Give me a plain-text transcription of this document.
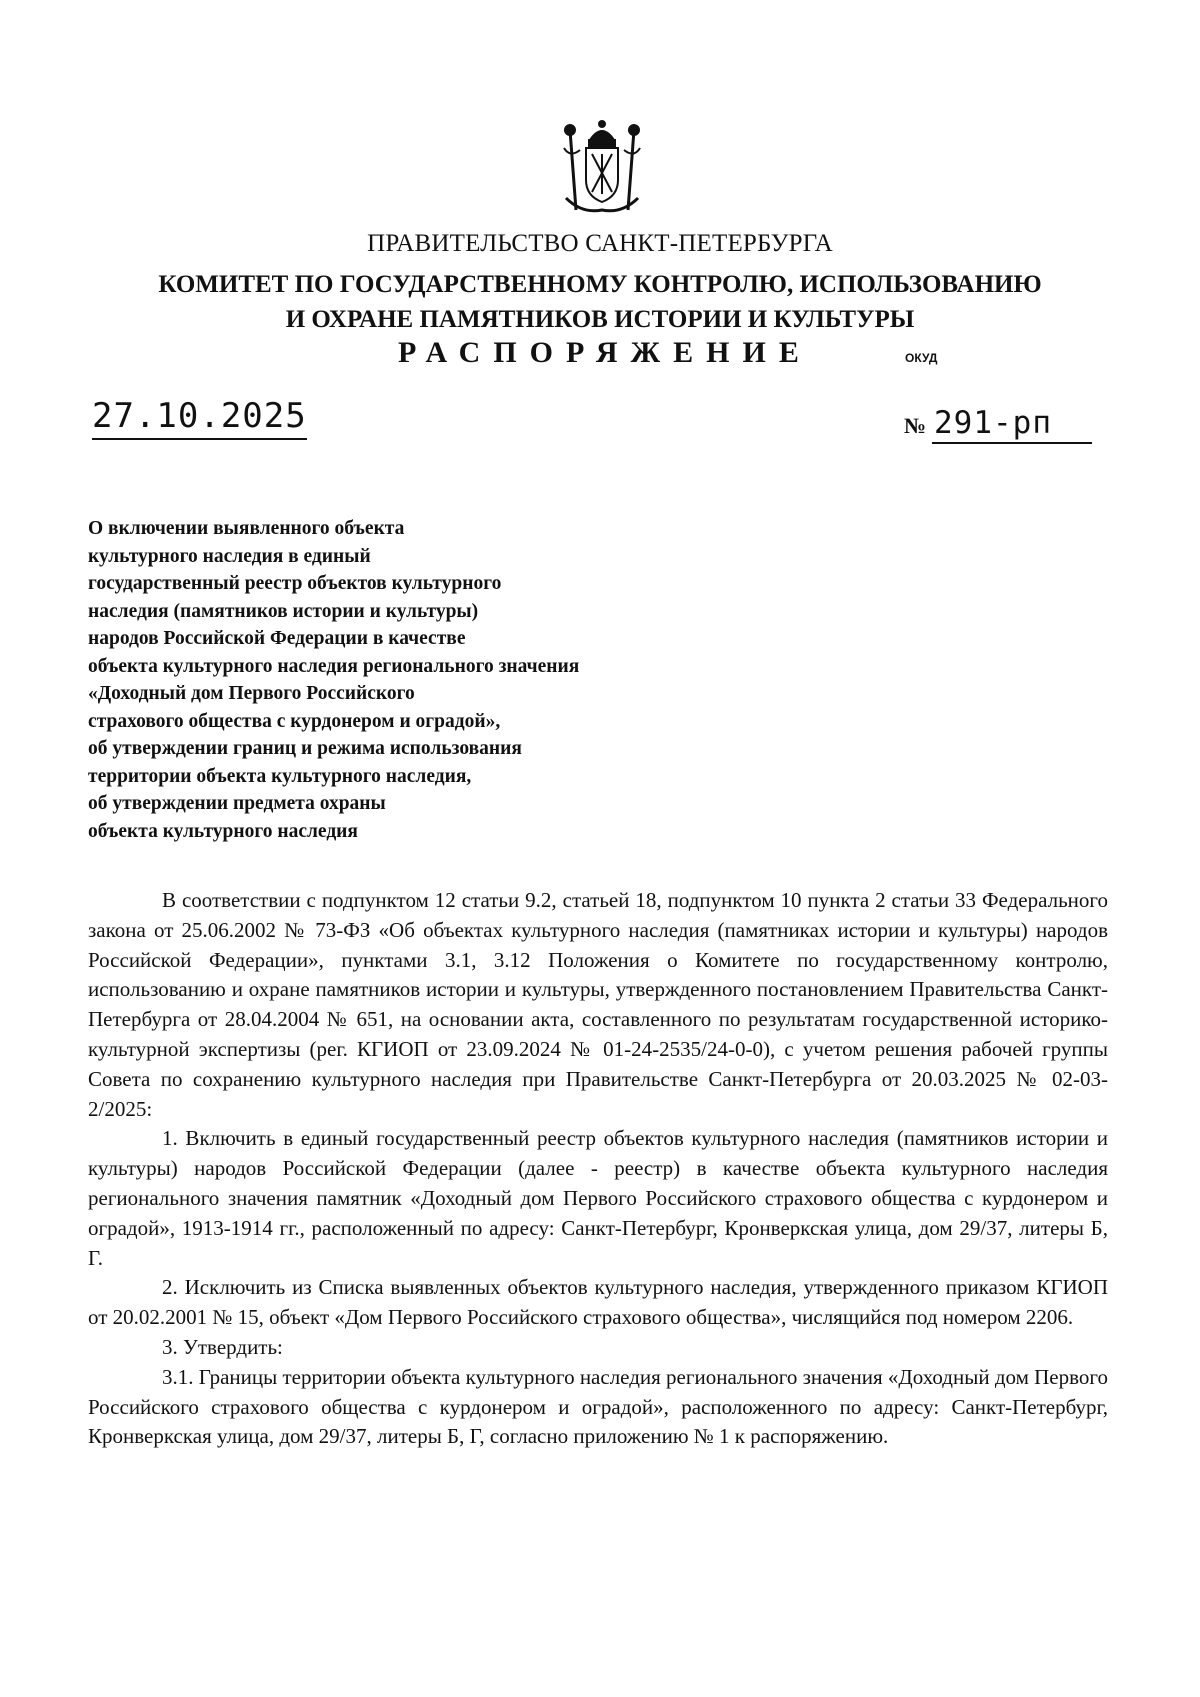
ПРАВИТЕЛЬСТВО САНКТ-ПЕТЕРБУРГА
КОМИТЕТ ПО ГОСУДАРСТВЕННОМУ КОНТРОЛЮ, ИСПОЛЬЗОВАНИЮ
И ОХРАНЕ ПАМЯТНИКОВ ИСТОРИИ И КУЛЬТУРЫ
РАСПОРЯЖЕНИЕ	ОКУД
27.10.2025	№ 291-рп
О включении выявленного объекта
культурного наследия в единый
государственный реестр объектов культурного
наследия (памятников истории и культуры)
народов Российской Федерации в качестве
объекта культурного наследия регионального значения
«Доходный дом Первого Российского
страхового общества с курдонером и оградой»,
об утверждении границ и режима использования
территории объекта культурного наследия,
об утверждении предмета охраны
объекта культурного наследия

В соответствии с подпунктом 12 статьи 9.2, статьей 18, подпунктом 10 пункта 2 статьи 33 Федерального закона от 25.06.2002 № 73-ФЗ «Об объектах культурного наследия (памятниках истории и культуры) народов Российской Федерации», пунктами 3.1, 3.12 Положения о Комитете по государственному контролю, использованию и охране памятников истории и культуры, утвержденного постановлением Правительства Санкт-Петербурга от 28.04.2004 № 651, на основании акта, составленного по результатам государственной историко-культурной экспертизы (рег. КГИОП от 23.09.2024 № 01-24-2535/24-0-0), с учетом решения рабочей группы Совета по сохранению культурного наследия при Правительстве Санкт-Петербурга от 20.03.2025 № 02-03-2/2025:

1. Включить в единый государственный реестр объектов культурного наследия (памятников истории и культуры) народов Российской Федерации (далее - реестр) в качестве объекта культурного наследия регионального значения памятник «Доходный дом Первого Российского страхового общества с курдонером и оградой», 1913-1914 гг., расположенный по адресу: Санкт-Петербург, Кронверкская улица, дом 29/37, литеры Б, Г.

2. Исключить из Списка выявленных объектов культурного наследия, утвержденного приказом КГИОП от 20.02.2001 № 15, объект «Дом Первого Российского страхового общества», числящийся под номером 2206.

3. Утвердить:

3.1. Границы территории объекта культурного наследия регионального значения «Доходный дом Первого Российского страхового общества с курдонером и оградой», расположенного по адресу: Санкт-Петербург, Кронверкская улица, дом 29/37, литеры Б, Г, согласно приложению № 1 к распоряжению.
